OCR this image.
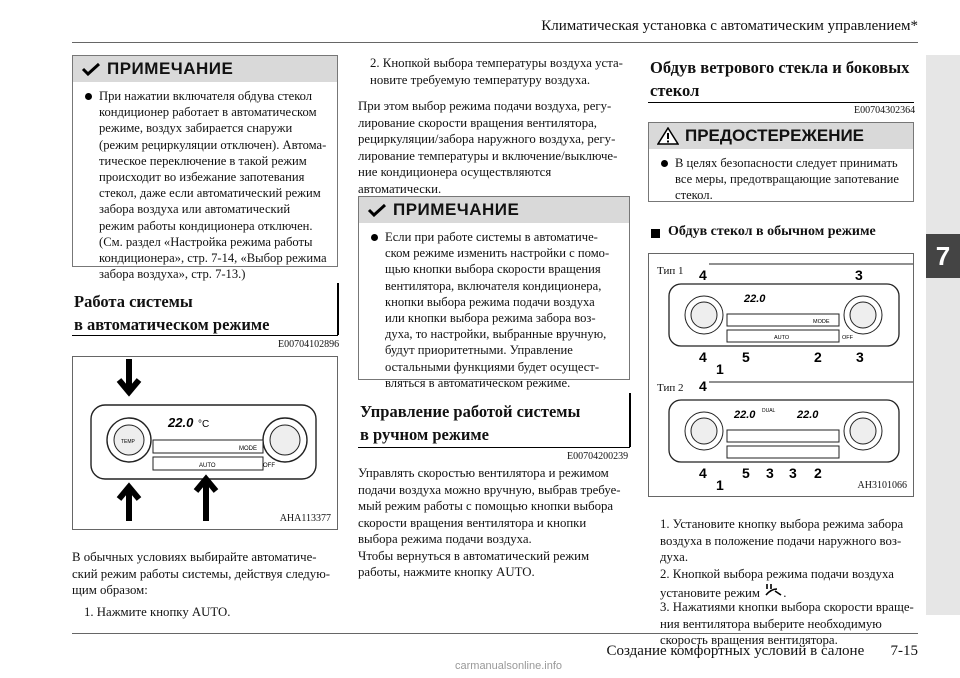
Климатическая установка с автоматическим управлением*
Создание комфортных условий в салоне 7-15
carmanualsonline.info
7
ПРИМЕЧАНИЕ
При нажатии включателя обдува стекол
кондиционер работает в автоматическом
режиме, воздух забирается снаружи
(режим рециркуляции отключен). Автома-
тическое переключение в такой режим
происходит во избежание запотевания
стекол, даже если автоматический режим
забора воздуха или автоматический
режим работы кондиционера отключен.
(См. раздел «Настройка режима работы
кондиционера», стр. 7-14, «Выбор режима
забора воздуха», стр. 7-13.)
Работа системы
в автоматическом режиме
E00704102896
22.0 °C
MODE
AUTO	OFF
TEMP
AHA113377
В обычных условиях выбирайте автоматиче-
ский режим работы системы, действуя следую-
щим образом:
1. Нажмите кнопку AUTO.
2. Кнопкой выбора температуры воздуха уста-
новите требуемую температуру воздуха.
При этом выбор режима подачи воздуха, регу-
лирование скорости вращения вентилятора,
рециркуляции/забора наружного воздуха, регу-
лирование температуры и включение/выключе-
ние кондиционера осуществляются
автоматически.
ПРИМЕЧАНИЕ
Если при работе системы в автоматиче-
ском режиме изменить настройки с помо-
щью кнопки выбора скорости вращения
вентилятора, включателя кондиционера,
кнопки выбора режима подачи воздуха
или кнопки выбора режима забора воз-
духа, то настройки, выбранные вручную,
будут приоритетными. Управление
остальными функциями будет осущест-
вляться в автоматическом режиме.
Управление работой системы
в ручном режиме
E00704200239
Управлять скоростью вентилятора и режимом
подачи воздуха можно вручную, выбрав требуе-
мый режим работы с помощью кнопки выбора
скорости вращения вентилятора и кнопки
выбора режима подачи воздуха.
Чтобы вернуться в автоматический режим
работы, нажмите кнопку AUTO.
Обдув ветрового стекла и боковых
стекол
E00704302364
ПРЕДОСТЕРЕЖЕНИЕ
В целях безопасности следует принимать
все меры, предотвращающие запотевание
стекол.
Обдув стекол в обычном режиме
22.0
MODE
AUTO	OFF
4	3
4	5	2 3
1
22.0 DUAL 22.0
4
4	5 3 3 2
1
Тип 1
Тип 2
AH3101066
1. Установите кнопку выбора режима забора
воздуха в положение подачи наружного воз-
духа.
2. Кнопкой выбора режима подачи воздуха
установите режим .
3. Нажатиями кнопки выбора скорости враще-
ния вентилятора выберите необходимую
скорость вращения вентилятора.
